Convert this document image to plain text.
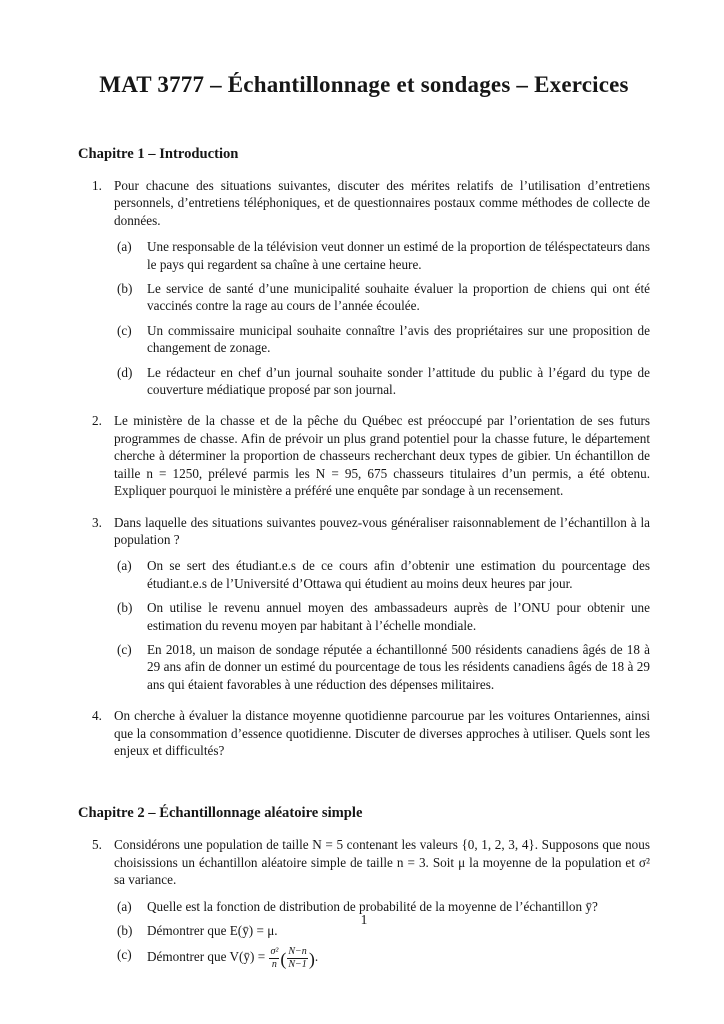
MAT 3777 – Échantillonnage et sondages – Exercices
Chapitre 1 – Introduction
1. Pour chacune des situations suivantes, discuter des mérites relatifs de l’utilisation d’entretiens personnels, d’entretiens téléphoniques, et de questionnaires postaux comme méthodes de collecte de données.

(a) Une responsable de la télévision veut donner un estimé de la proportion de téléspectateurs dans le pays qui regardent sa chaîne à une certaine heure.

(b) Le service de santé d’une municipalité souhaite évaluer la proportion de chiens qui ont été vaccinés contre la rage au cours de l’année écoulée.

(c) Un commissaire municipal souhaite connaître l’avis des propriétaires sur une proposition de changement de zonage.

(d) Le rédacteur en chef d’un journal souhaite sonder l’attitude du public à l’égard du type de couverture médiatique proposé par son journal.

2. Le ministère de la chasse et de la pêche du Québec est préoccupé par l’orientation de ses futurs programmes de chasse. Afin de prévoir un plus grand potentiel pour la chasse future, le département cherche à déterminer la proportion de chasseurs recherchant deux types de gibier. Un échantillon de taille n = 1250, prélevé parmis les N = 95, 675 chasseurs titulaires d’un permis, a été obtenu. Expliquer pourquoi le ministère a préféré une enquête par sondage à un recensement.

3. Dans laquelle des situations suivantes pouvez-vous généraliser raisonnablement de l’échantillon à la population ?

(a) On se sert des étudiant.e.s de ce cours afin d’obtenir une estimation du pourcentage des étudiant.e.s de l’Université d’Ottawa qui étudient au moins deux heures par jour.

(b) On utilise le revenu annuel moyen des ambassadeurs auprès de l’ONU pour obtenir une estimation du revenu moyen par habitant à l’échelle mondiale.

(c) En 2018, un maison de sondage réputée a échantillonné 500 résidents canadiens âgés de 18 à 29 ans afin de donner un estimé du pourcentage de tous les résidents canadiens âgés de 18 à 29 ans qui étaient favorables à une réduction des dépenses militaires.

4. On cherche à évaluer la distance moyenne quotidienne parcourue par les voitures Ontariennes, ainsi que la consommation d’essence quotidienne. Discuter de diverses approches à utiliser. Quels sont les enjeux et difficultés?

Chapitre 2 – Échantillonnage aléatoire simple
5. Considérons une population de taille N = 5 contenant les valeurs {0, 1, 2, 3, 4}. Supposons que nous choisissions un échantillon aléatoire simple de taille n = 3. Soit μ la moyenne de la population et σ² sa variance.

(a) Quelle est la fonction de distribution de probabilité de la moyenne de l’échantillon ȳ?

(b) Démontrer que E(ȳ) = μ.

(c) Démontrer que V(ȳ) = $\frac{\text{σ²}}{n}$ ( $\frac{N-n}{N-1}$ ).

1
